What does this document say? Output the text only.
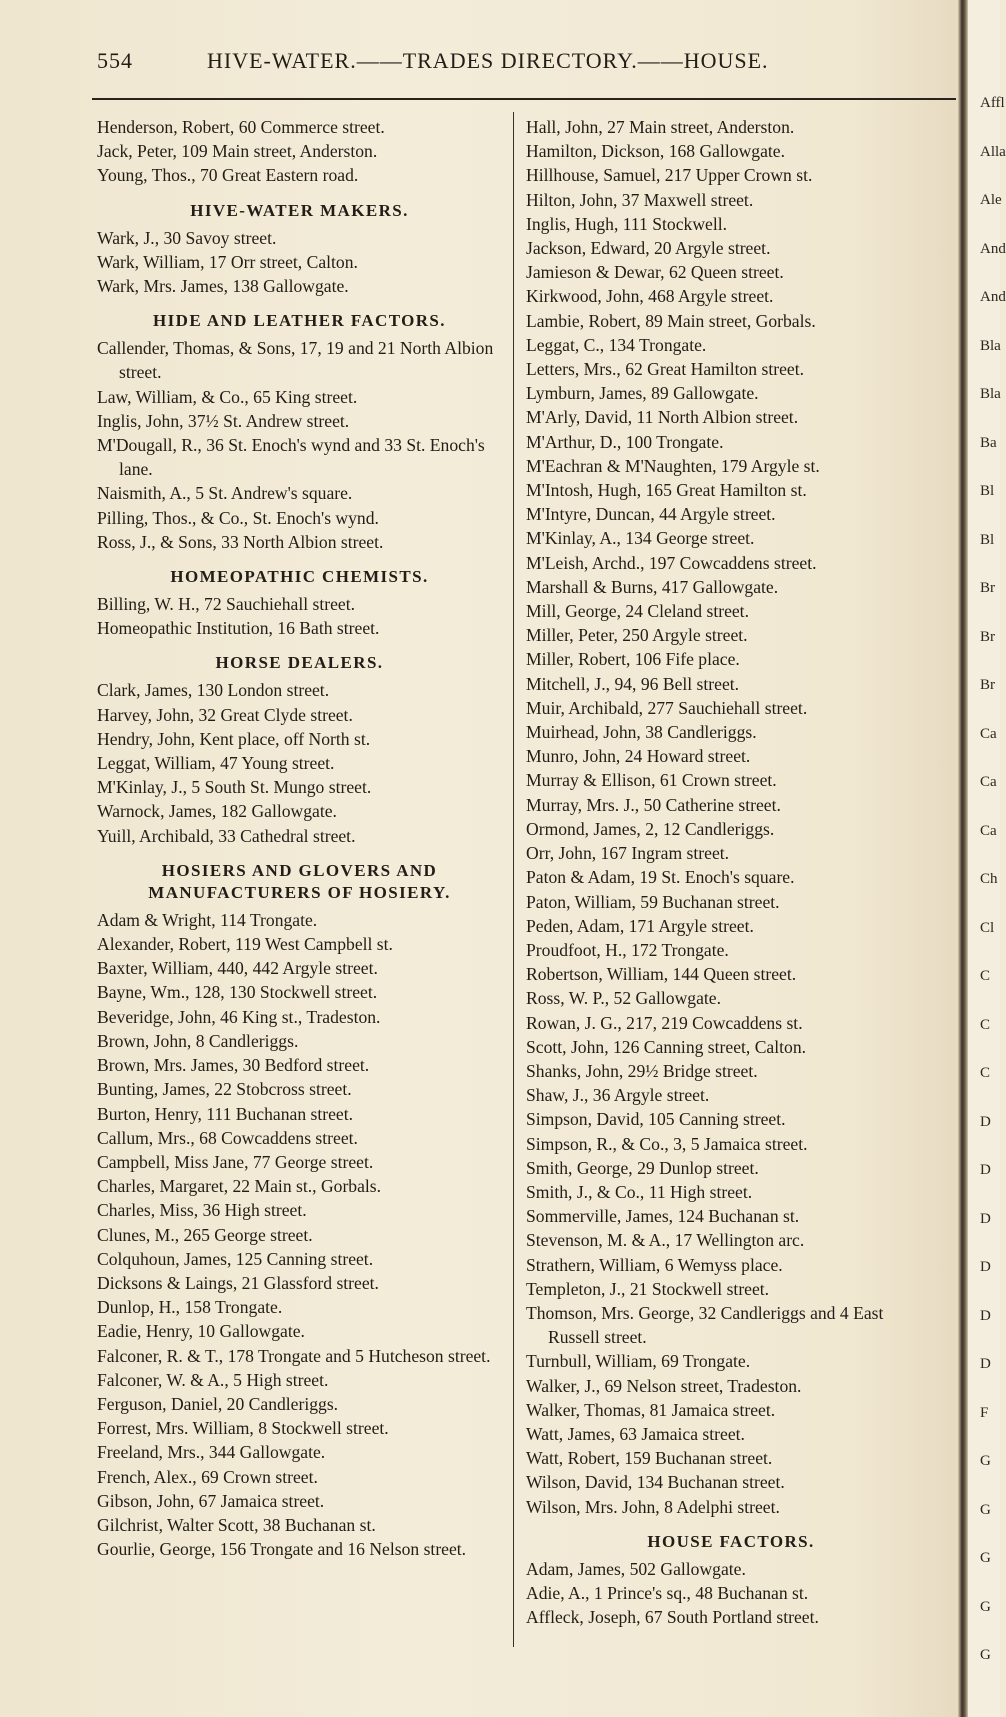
554	HIVE-WATER.——TRADES DIRECTORY.——HOUSE.

Henderson, Robert, 60 Commerce street.

Jack, Peter, 109 Main street, Anderston.

Young, Thos., 70 Great Eastern road.

HIVE-WATER MAKERS.

Wark, J., 30 Savoy street.

Wark, William, 17 Orr street, Calton.

Wark, Mrs. James, 138 Gallowgate.

HIDE AND LEATHER FACTORS.

Callender, Thomas, & Sons, 17, 19 and 21 North Albion street.

Law, William, & Co., 65 King street.

Inglis, John, 37½ St. Andrew street.

M'Dougall, R., 36 St. Enoch's wynd and 33 St. Enoch's lane.

Naismith, A., 5 St. Andrew's square.

Pilling, Thos., & Co., St. Enoch's wynd.

Ross, J., & Sons, 33 North Albion street.

HOMEOPATHIC CHEMISTS.

Billing, W. H., 72 Sauchiehall street.

Homeopathic Institution, 16 Bath street.

HORSE DEALERS.

Clark, James, 130 London street.

Harvey, John, 32 Great Clyde street.

Hendry, John, Kent place, off North st.

Leggat, William, 47 Young street.

M'Kinlay, J., 5 South St. Mungo street.

Warnock, James, 182 Gallowgate.

Yuill, Archibald, 33 Cathedral street.

HOSIERS AND GLOVERS AND MANUFACTURERS OF HOSIERY.

Adam & Wright, 114 Trongate.

Alexander, Robert, 119 West Campbell st.

Baxter, William, 440, 442 Argyle street.

Bayne, Wm., 128, 130 Stockwell street.

Beveridge, John, 46 King st., Tradeston.

Brown, John, 8 Candleriggs.

Brown, Mrs. James, 30 Bedford street.

Bunting, James, 22 Stobcross street.

Burton, Henry, 111 Buchanan street.

Callum, Mrs., 68 Cowcaddens street.

Campbell, Miss Jane, 77 George street.

Charles, Margaret, 22 Main st., Gorbals.

Charles, Miss, 36 High street.

Clunes, M., 265 George street.

Colquhoun, James, 125 Canning street.

Dicksons & Laings, 21 Glassford street.

Dunlop, H., 158 Trongate.

Eadie, Henry, 10 Gallowgate.

Falconer, R. & T., 178 Trongate and 5 Hutcheson street.

Falconer, W. & A., 5 High street.

Ferguson, Daniel, 20 Candleriggs.

Forrest, Mrs. William, 8 Stockwell street.

Freeland, Mrs., 344 Gallowgate.

French, Alex., 69 Crown street.

Gibson, John, 67 Jamaica street.

Gilchrist, Walter Scott, 38 Buchanan st.

Gourlie, George, 156 Trongate and 16 Nelson street.

Hall, John, 27 Main street, Anderston.

Hamilton, Dickson, 168 Gallowgate.

Hillhouse, Samuel, 217 Upper Crown st.

Hilton, John, 37 Maxwell street.

Inglis, Hugh, 111 Stockwell.

Jackson, Edward, 20 Argyle street.

Jamieson & Dewar, 62 Queen street.

Kirkwood, John, 468 Argyle street.

Lambie, Robert, 89 Main street, Gorbals.

Leggat, C., 134 Trongate.

Letters, Mrs., 62 Great Hamilton street.

Lymburn, James, 89 Gallowgate.

M'Arly, David, 11 North Albion street.

M'Arthur, D., 100 Trongate.

M'Eachran & M'Naughten, 179 Argyle st.

M'Intosh, Hugh, 165 Great Hamilton st.

M'Intyre, Duncan, 44 Argyle street.

M'Kinlay, A., 134 George street.

M'Leish, Archd., 197 Cowcaddens street.

Marshall & Burns, 417 Gallowgate.

Mill, George, 24 Cleland street.

Miller, Peter, 250 Argyle street.

Miller, Robert, 106 Fife place.

Mitchell, J., 94, 96 Bell street.

Muir, Archibald, 277 Sauchiehall street.

Muirhead, John, 38 Candleriggs.

Munro, John, 24 Howard street.

Murray & Ellison, 61 Crown street.

Murray, Mrs. J., 50 Catherine street.

Ormond, James, 2, 12 Candleriggs.

Orr, John, 167 Ingram street.

Paton & Adam, 19 St. Enoch's square.

Paton, William, 59 Buchanan street.

Peden, Adam, 171 Argyle street.

Proudfoot, H., 172 Trongate.

Robertson, William, 144 Queen street.

Ross, W. P., 52 Gallowgate.

Rowan, J. G., 217, 219 Cowcaddens st.

Scott, John, 126 Canning street, Calton.

Shanks, John, 29½ Bridge street.

Shaw, J., 36 Argyle street.

Simpson, David, 105 Canning street.

Simpson, R., & Co., 3, 5 Jamaica street.

Smith, George, 29 Dunlop street.

Smith, J., & Co., 11 High street.

Sommerville, James, 124 Buchanan st.

Stevenson, M. & A., 17 Wellington arc.

Strathern, William, 6 Wemyss place.

Templeton, J., 21 Stockwell street.

Thomson, Mrs. George, 32 Candleriggs and 4 East Russell street.

Turnbull, William, 69 Trongate.

Walker, J., 69 Nelson street, Tradeston.

Walker, Thomas, 81 Jamaica street.

Watt, James, 63 Jamaica street.

Watt, Robert, 159 Buchanan street.

Wilson, David, 134 Buchanan street.

Wilson, Mrs. John, 8 Adelphi street.

HOUSE FACTORS.

Adam, James, 502 Gallowgate.

Adie, A., 1 Prince's sq., 48 Buchanan st.

Affleck, Joseph, 67 South Portland street.

Affl
Alla
Ale
And
And
Bla
Bla
Ba
Bl
Bl
Br
Br
Br
Ca
Ca
Ca
Ch
Cl
C
C
C
D
D
D
D
D
D
F
G
G
G
G
G
